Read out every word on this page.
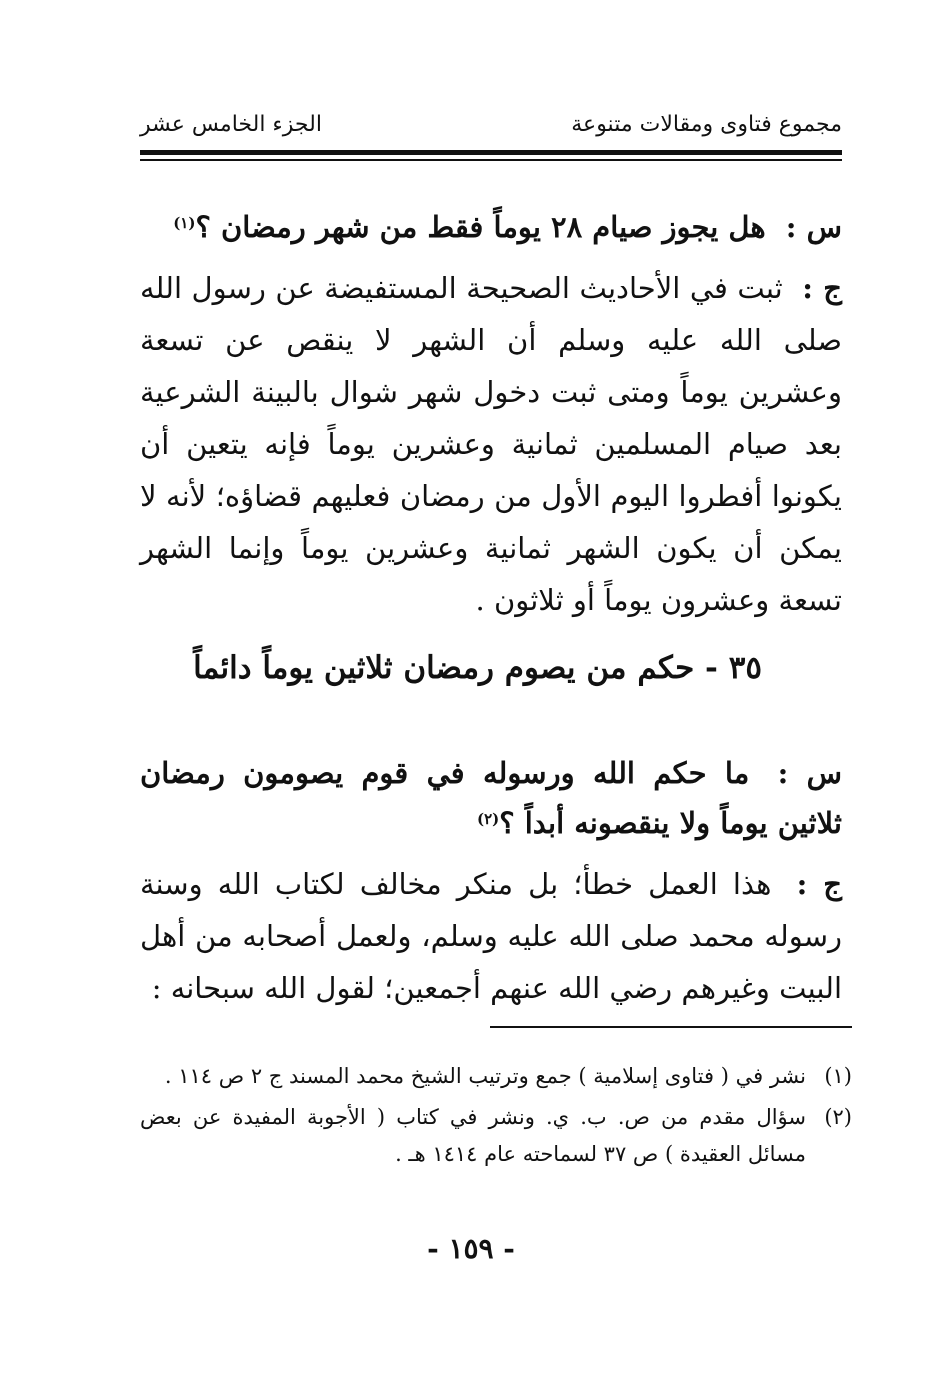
مجموع فتاوى ومقالات متنوعة
الجزء الخامس عشر
س : هل يجوز صيام ٢٨ يوماً فقط من شهر رمضان ؟$^{(١)}$
ج : ثبت في الأحاديث الصحيحة المستفيضة عن رسول الله صلى الله عليه وسلم أن الشهر لا ينقص عن تسعة وعشرين يوماً ومتى ثبت دخول شهر شوال بالبينة الشرعية بعد صيام المسلمين ثمانية وعشرين يوماً فإنه يتعين أن يكونوا أفطروا اليوم الأول من رمضان فعليهم قضاؤه؛ لأنه لا يمكن أن يكون الشهر ثمانية وعشرين يوماً وإنما الشهر تسعة وعشرون يوماً أو ثلاثون .
٣٥ - حكم من يصوم رمضان ثلاثين يوماً دائماً
س : ما حكم الله ورسوله في قوم يصومون رمضان ثلاثين يوماً ولا ينقصونه أبداً ؟$^{(٢)}$
ج : هذا العمل خطأ؛ بل منكر مخالف لكتاب الله وسنة رسوله محمد صلى الله عليه وسلم، ولعمل أصحابه من أهل البيت وغيرهم رضي الله عنهم أجمعين؛ لقول الله سبحانه :
(١)
نشر في ( فتاوى إسلامية ) جمع وترتيب الشيخ محمد المسند ج ٢ ص ١١٤ .
(٢)
سؤال مقدم من ص. ب. ي. ونشر في كتاب ( الأجوبة المفيدة عن بعض مسائل العقيدة ) ص ٣٧ لسماحته عام ١٤١٤ هـ .
- ١٥٩ -
